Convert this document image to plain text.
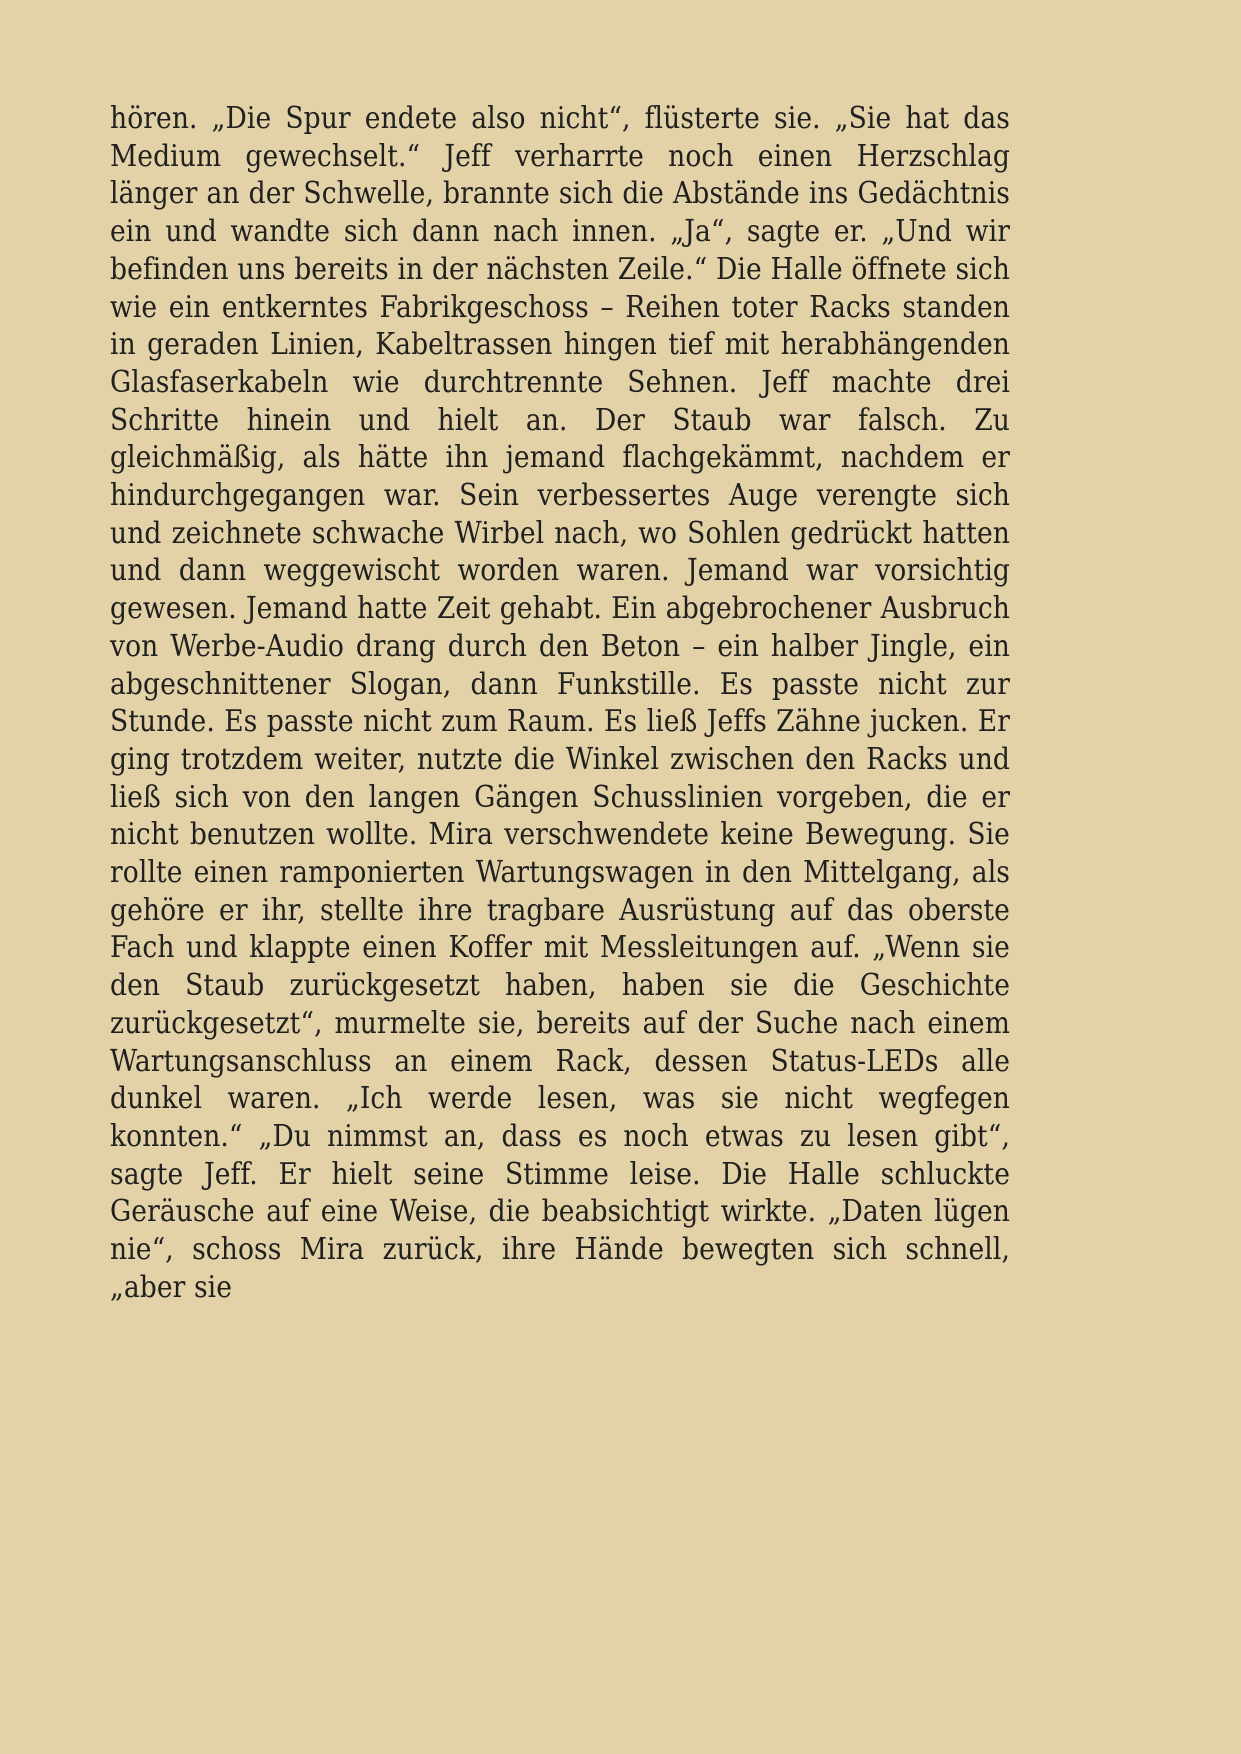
hören. „Die Spur endete also nicht“, flüsterte sie. „Sie hat das Medium gewechselt.“ Jeff verharrte noch einen Herzschlag länger an der Schwelle, brannte sich die Abstände ins Gedächtnis ein und wandte sich dann nach innen. „Ja“, sagte er. „Und wir befinden uns bereits in der nächsten Zeile.“ Die Halle öffnete sich wie ein entkerntes Fabrikgeschoss – Reihen toter Racks standen in geraden Linien, Kabeltrassen hingen tief mit herabhängenden Glasfaserkabeln wie durchtrennte Sehnen. Jeff machte drei Schritte hinein und hielt an. Der Staub war falsch. Zu gleichmäßig, als hätte ihn jemand flachgekämmt, nachdem er hindurchgegangen war. Sein verbessertes Auge verengte sich und zeichnete schwache Wirbel nach, wo Sohlen gedrückt hatten und dann weggewischt worden waren. Jemand war vorsichtig gewesen. Jemand hatte Zeit gehabt. Ein abgebrochener Ausbruch von Werbe-Audio drang durch den Beton – ein halber Jingle, ein abgeschnittener Slogan, dann Funkstille. Es passte nicht zur Stunde. Es passte nicht zum Raum. Es ließ Jeffs Zähne jucken. Er ging trotzdem weiter, nutzte die Winkel zwischen den Racks und ließ sich von den langen Gängen Schusslinien vorgeben, die er nicht benutzen wollte. Mira verschwendete keine Bewegung. Sie rollte einen ramponierten Wartungswagen in den Mittelgang, als gehöre er ihr, stellte ihre tragbare Ausrüstung auf das oberste Fach und klappte einen Koffer mit Messleitungen auf. „Wenn sie den Staub zurückgesetzt haben, haben sie die Geschichte zurückgesetzt“, murmelte sie, bereits auf der Suche nach einem Wartungsanschluss an einem Rack, dessen Status-LEDs alle dunkel waren. „Ich werde lesen, was sie nicht wegfegen konnten.“ „Du nimmst an, dass es noch etwas zu lesen gibt“, sagte Jeff. Er hielt seine Stimme leise. Die Halle schluckte Geräusche auf eine Weise, die beabsichtigt wirkte. „Daten lügen nie“, schoss Mira zurück, ihre Hände bewegten sich schnell, „aber sie
